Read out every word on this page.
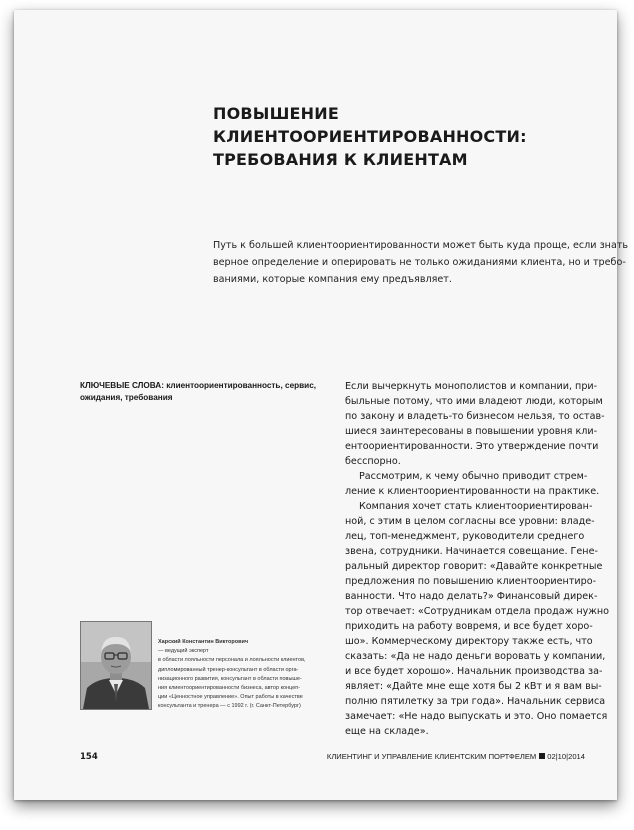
ПОВЫШЕНИЕ
КЛИЕНТООРИЕНТИРОВАННОСТИ:
ТРЕБОВАНИЯ К КЛИЕНТАМ
Путь к большей клиентоориентированности может быть куда проще, если знать
верное определение и оперировать не только ожиданиями клиента, но и требо-
ваниями, которые компания ему предъявляет.
КЛЮЧЕВЫЕ СЛОВА: клиентоориентированность, сервис,
ожидания, требования
Если вычеркнуть монополистов и компании, при-
быльные потому, что ими владеют люди, которым
по закону и владеть-то бизнесом нельзя, то остав-
шиеся заинтересованы в повышении уровня кли-
ентоориентированности. Это утверждение почти
бесспорно.
Рассмотрим, к чему обычно приводит стрем-
ление к клиентоориентированности на практике.
Компания хочет стать клиентоориентирован-
ной, с этим в целом согласны все уровни: владе-
лец, топ-менеджмент, руководители среднего
звена, сотрудники. Начинается совещание. Гене-
ральный директор говорит: «Давайте конкретные
предложения по повышению клиентоориентиро-
ванности. Что надо делать?» Финансовый дирек-
тор отвечает: «Сотрудникам отдела продаж нужно
приходить на работу вовремя, и все будет хоро-
шо». Коммерческому директору также есть, что
сказать: «Да не надо деньги воровать у компании,
и все будет хорошо». Начальник производства за-
являет: «Дайте мне еще хотя бы 2 кВт и я вам вы-
полню пятилетку за три года». Начальник сервиса
замечает: «Не надо выпускать и это. Оно помается
еще на складе».
Харский Константин Викторович
— ведущий эксперт
в области лояльности персонала и лояльности клиентов,
дипломированный тренер-консультант в области орга-
низационного развития, консультант в области повыше-
ния клиентоориентированности бизнеса, автор концеп-
ции «Ценностное управление». Опыт работы в качестве
консультанта и тренера — с 1992 г. (г. Санкт-Петербург)
154	КЛИЕНТИНГ И УПРАВЛЕНИЕ КЛИЕНТСКИМ ПОРТФЕЛЕМ 02|10|2014
